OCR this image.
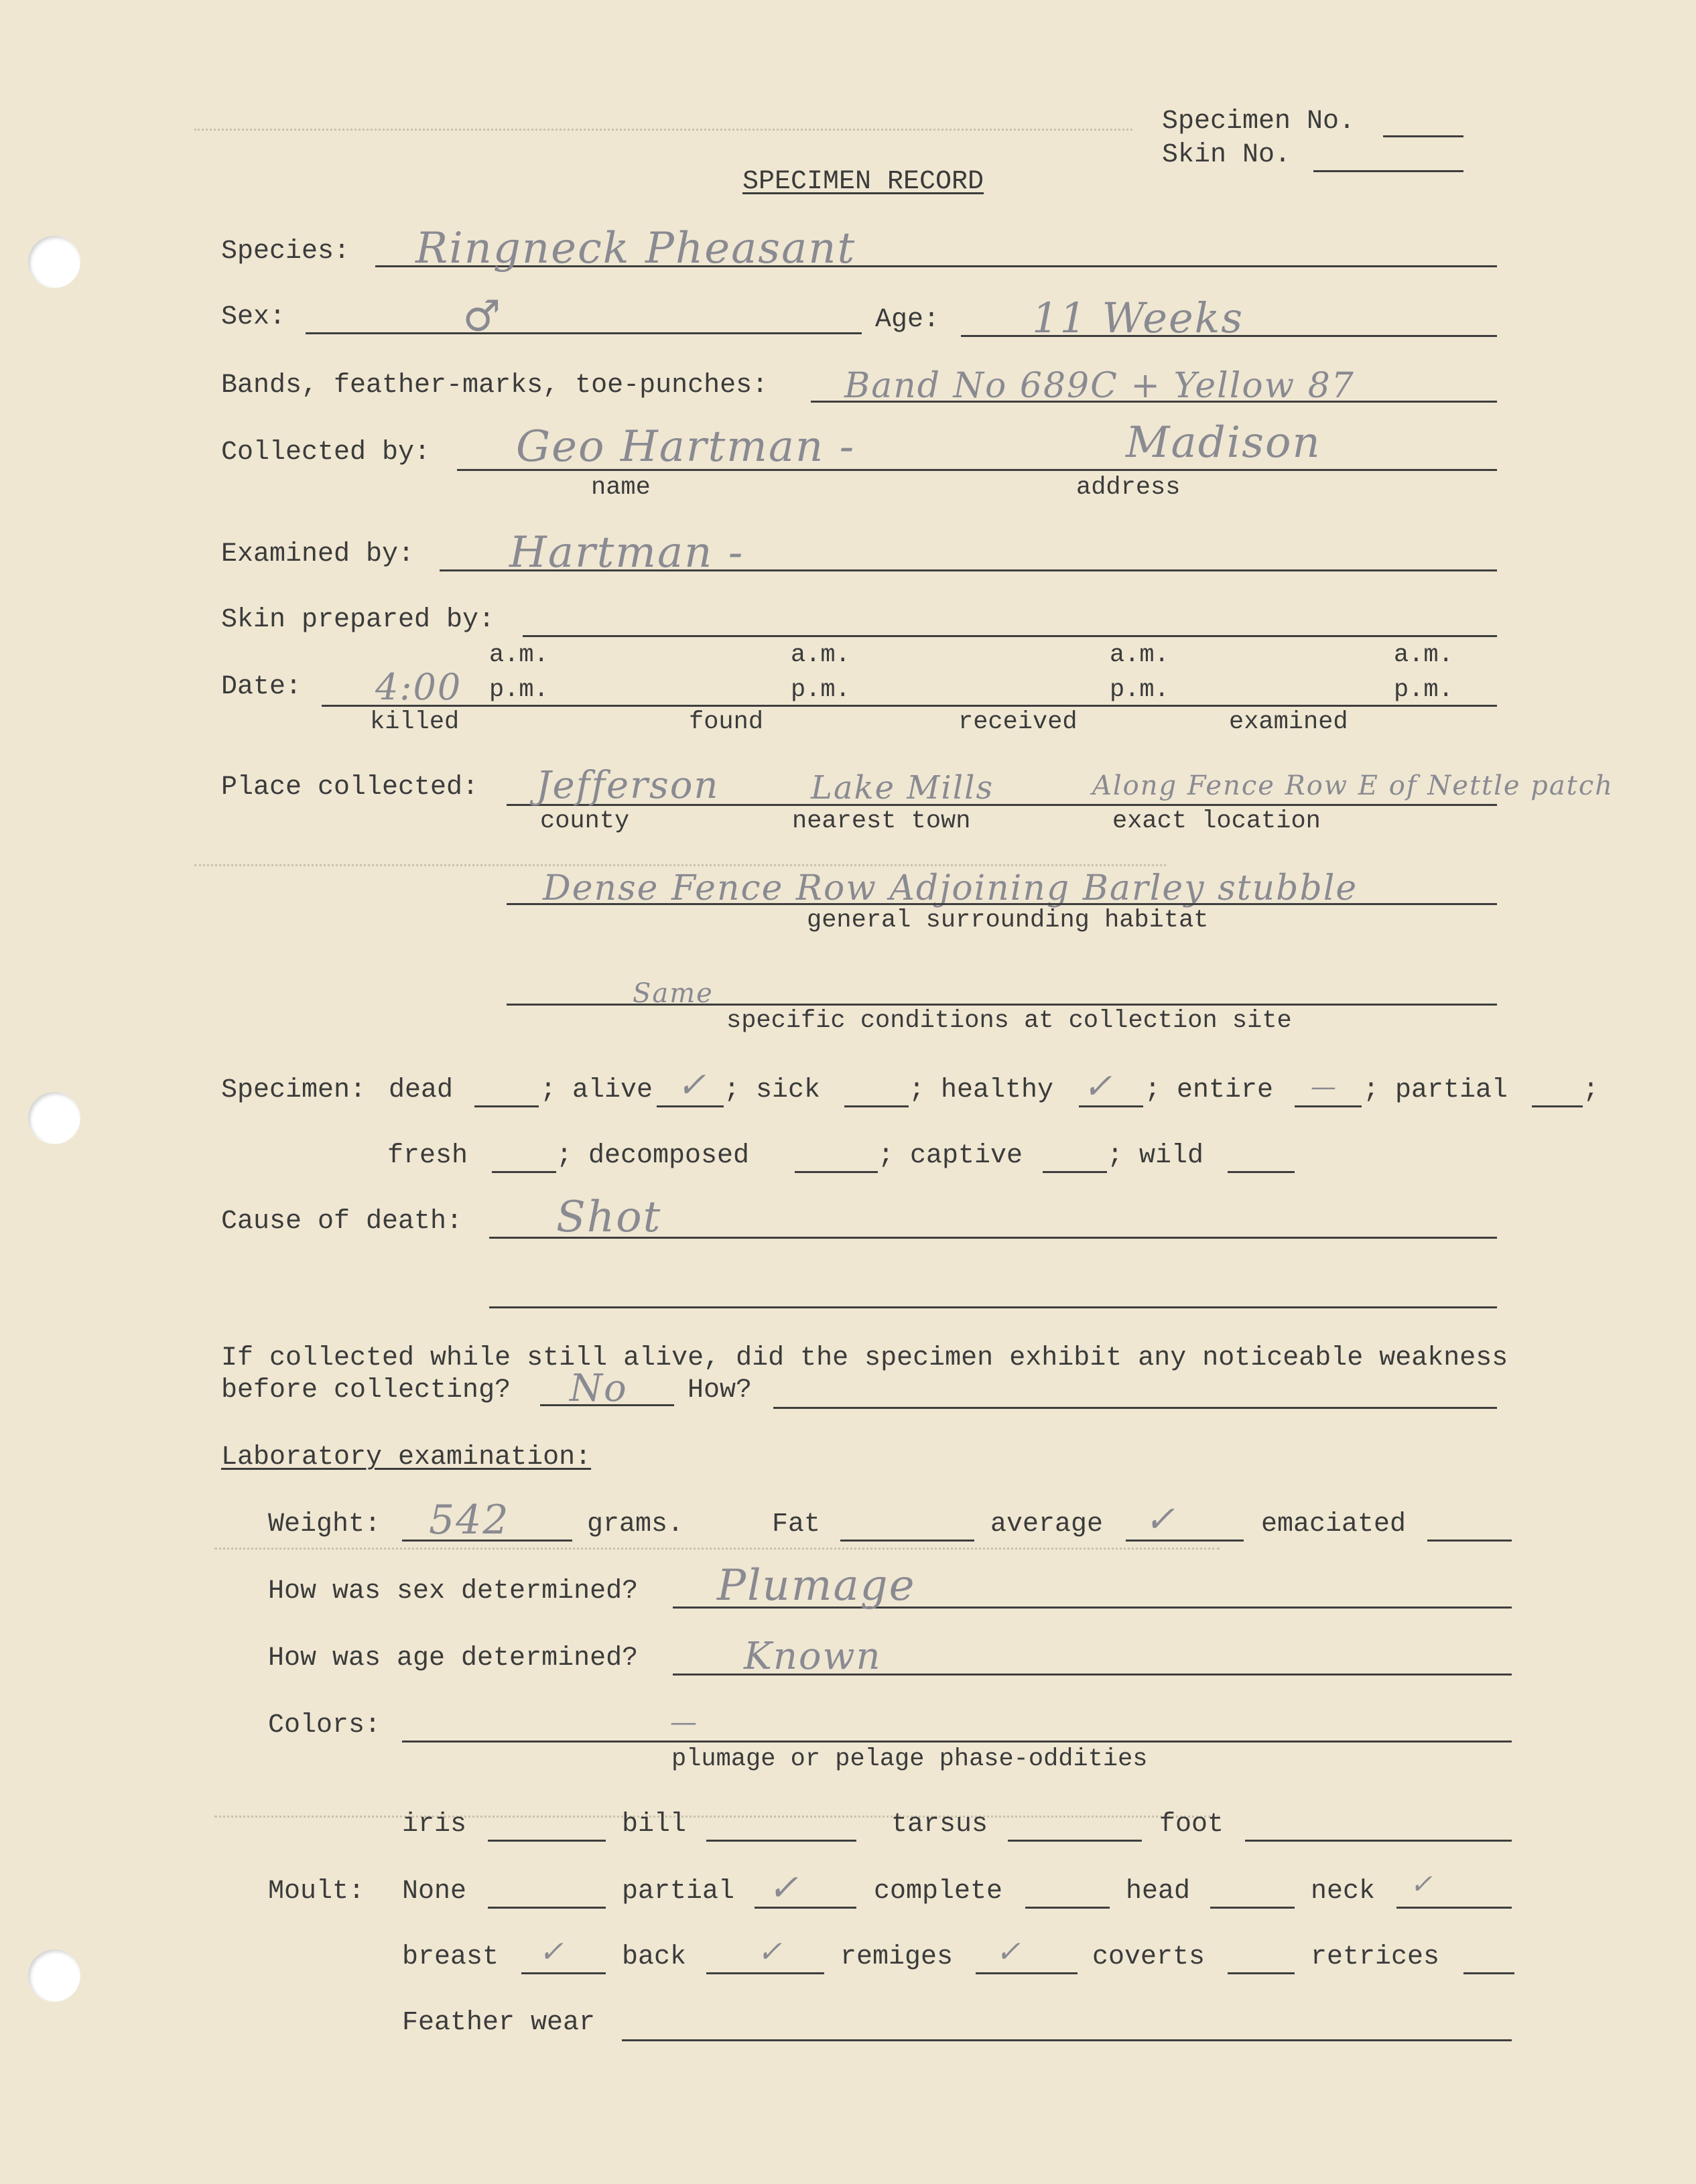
Specimen No.
Skin No.
SPECIMEN RECORD
Species: Ringneck Pheasant
Sex:	♂	Age: 11 Weeks
Bands, feather-marks, toe-punches: Band No 689C + Yellow 87
Collected by: Geo Hartman -	Madison
name	address
Examined by: Hartman -
Skin prepared by:
a.m.	a.m.	a.m.	a.m.
Date: 4:00 p.m.	p.m.	p.m.	p.m.
killed	found	received	examined
Place collected: Jefferson	Lake Mills	Along Fence Row E of Nettle patch
county	nearest town	exact location
Dense Fence Row Adjoining Barley stubble
general surrounding habitat
Same
specific conditions at collection site
Specimen: dead	; alive ✓ ; sick	; healthy ✓ ; entire — ; partial	;
fresh	; decomposed	; captive	; wild
Cause of death: Shot
If collected while still alive, did the specimen exhibit any noticeable weakness
before collecting? No How?
Laboratory examination:
Weight: 542	grams.	Fat	average ✓	emaciated
How was sex determined? Plumage
How was age determined?	Known
Colors:	—
plumage or pelage phase-oddities
iris	bill	tarsus	foot
Moult: None	partial ✓	complete	head	neck ✓
breast ✓ back ✓ remiges ✓	coverts	retrices
Feather wear
